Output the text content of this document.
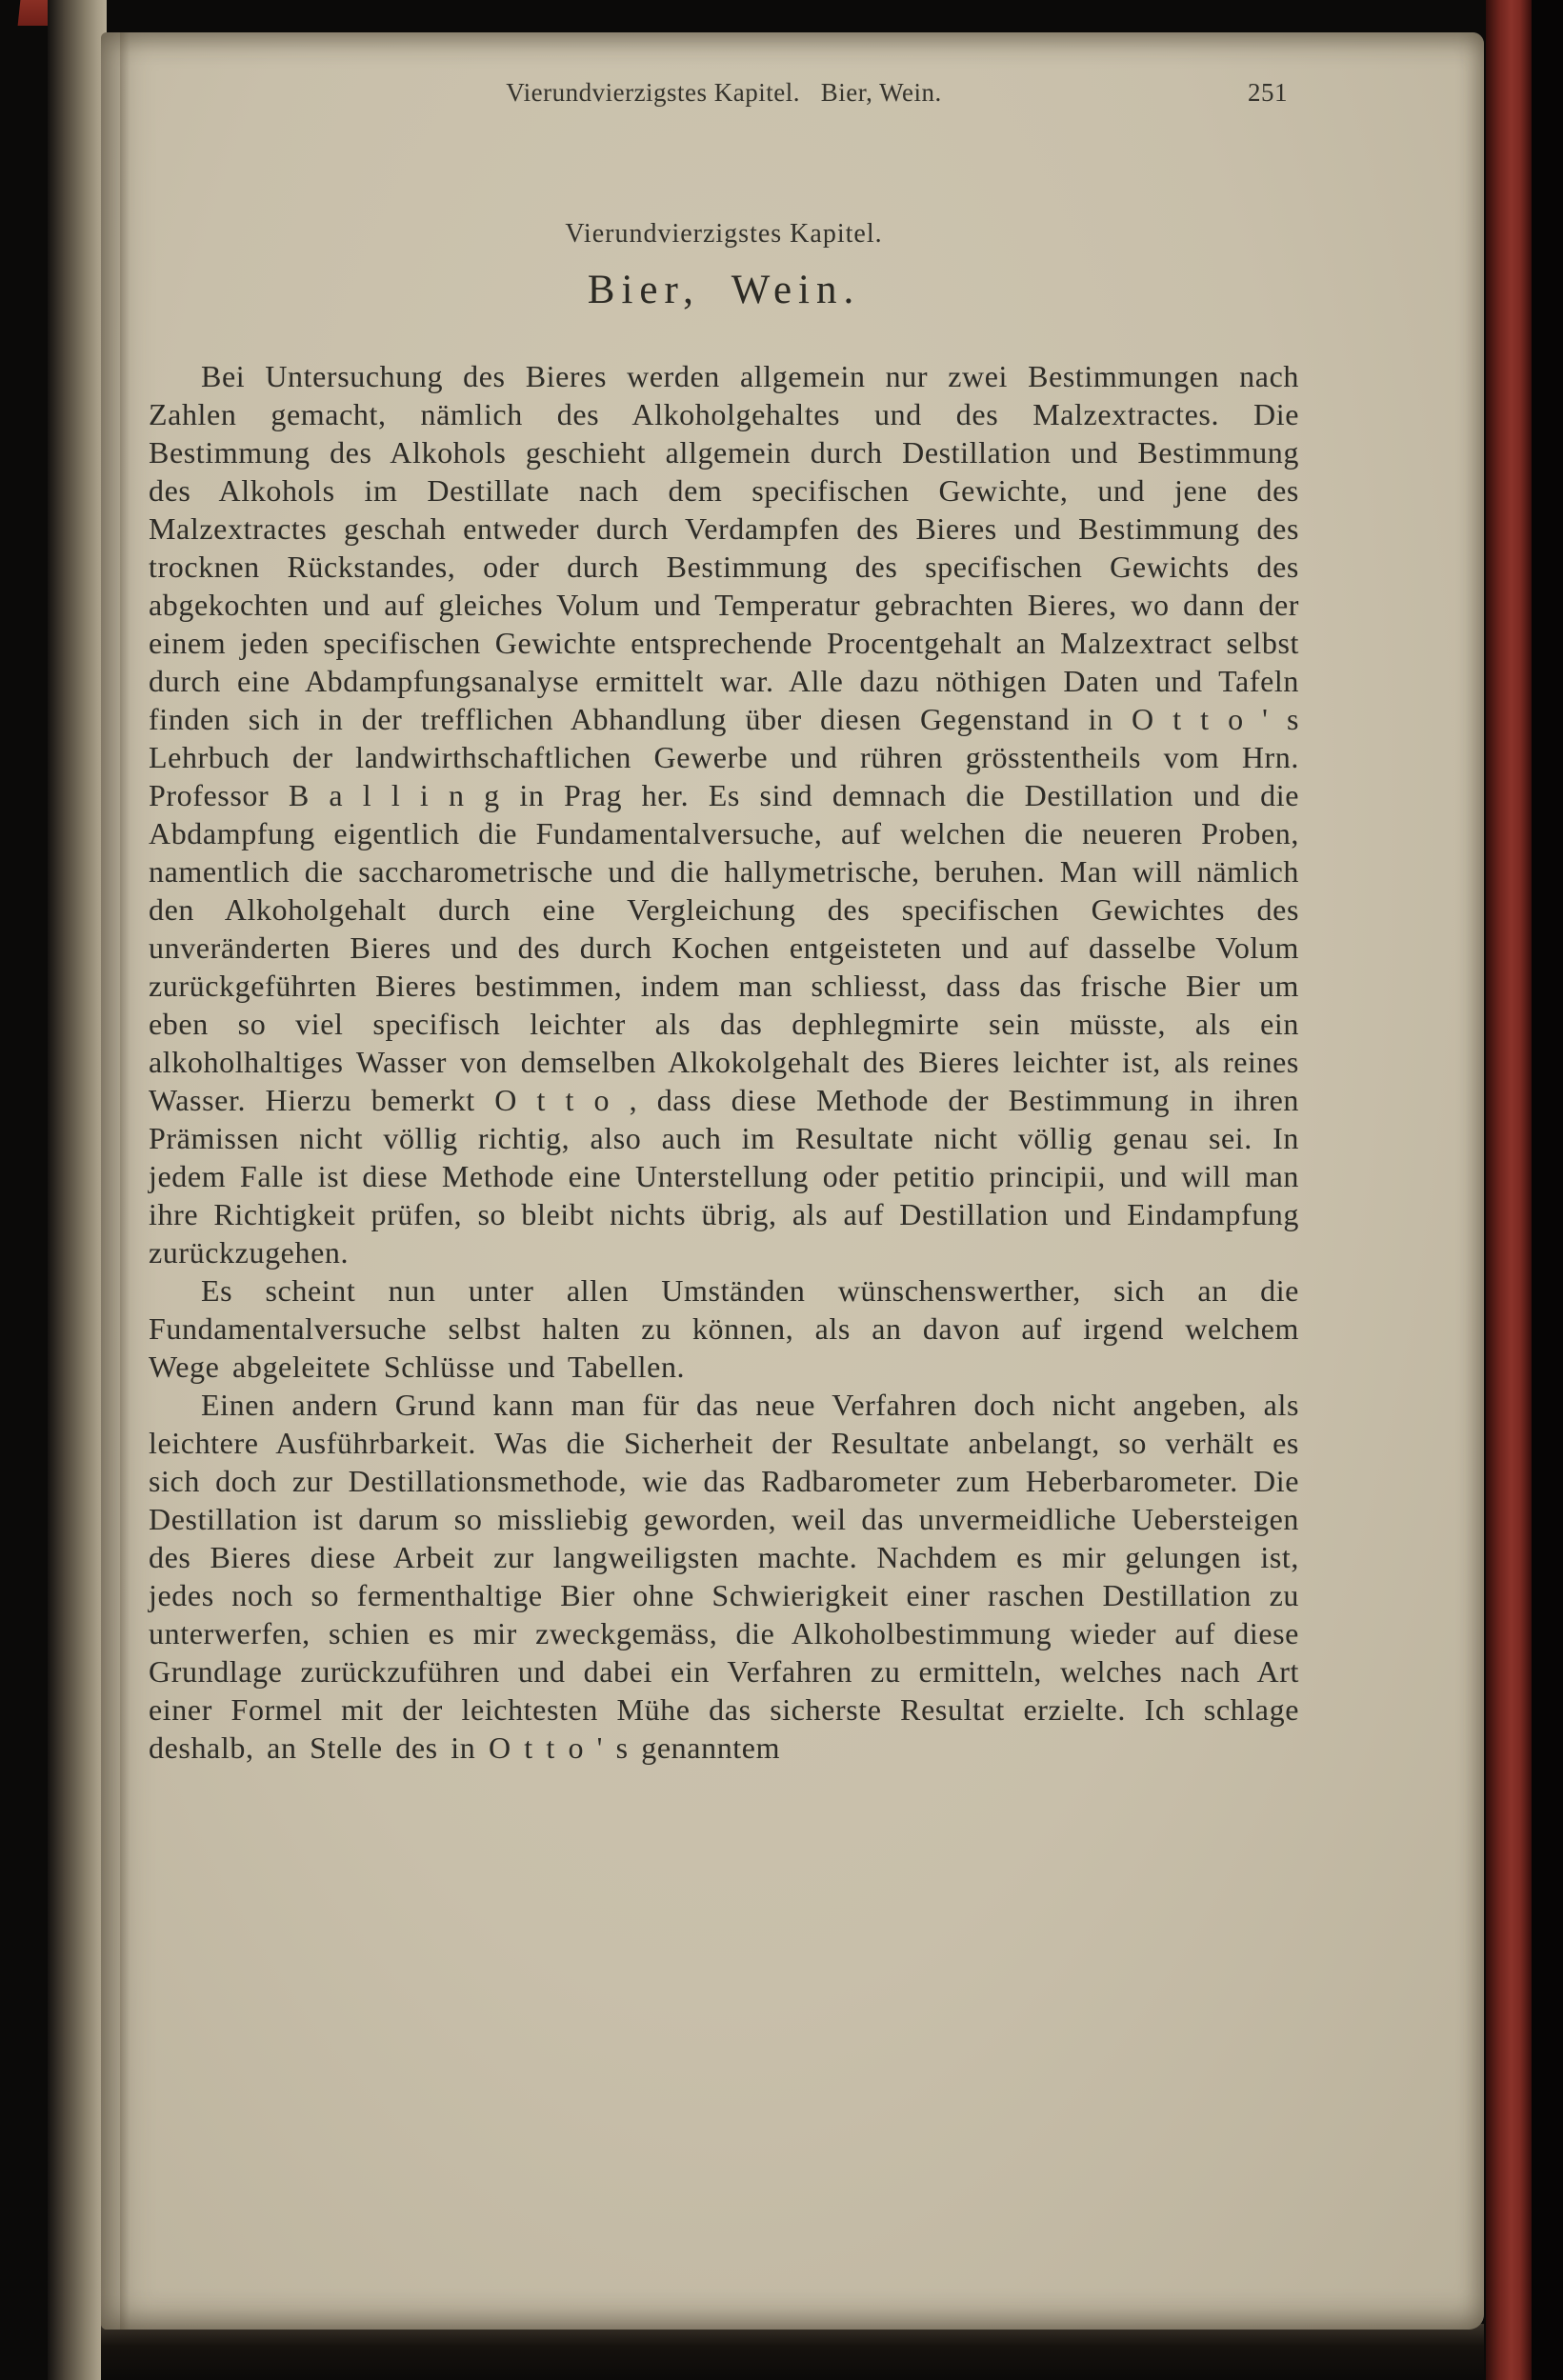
Vierundvierzigstes Kapitel.   Bier, Wein.	251
Vierundvierzigstes Kapitel.
Bier, Wein.

Bei Untersuchung des Bieres werden allgemein nur zwei Bestimmungen nach Zahlen gemacht, nämlich des Alkoholgehaltes und des Malzextractes. Die Bestimmung des Alkohols geschieht allgemein durch Destillation und Bestimmung des Alkohols im Destillate nach dem specifischen Gewichte, und jene des Malzextractes geschah entweder durch Verdampfen des Bieres und Bestimmung des trocknen Rückstandes, oder durch Bestimmung des specifischen Gewichts des abgekochten und auf gleiches Volum und Temperatur gebrachten Bieres, wo dann der einem jeden specifischen Gewichte entsprechende Procentgehalt an Malzextract selbst durch eine Abdampfungsanalyse ermittelt war. Alle dazu nöthigen Daten und Tafeln finden sich in der trefflichen Abhandlung über diesen Gegenstand in O t t o ' s Lehrbuch der landwirthschaftlichen Gewerbe und rühren grösstentheils vom Hrn. Professor B a l l i n g in Prag her. Es sind demnach die Destillation und die Abdampfung eigentlich die Fundamentalversuche, auf welchen die neueren Proben, namentlich die saccharometrische und die hallymetrische, beruhen. Man will nämlich den Alkoholgehalt durch eine Vergleichung des specifischen Gewichtes des unveränderten Bieres und des durch Kochen entgeisteten und auf dasselbe Volum zurückgeführten Bieres bestimmen, indem man schliesst, dass das frische Bier um eben so viel specifisch leichter als das dephlegmirte sein müsste, als ein alkoholhaltiges Wasser von demselben Alkokolgehalt des Bieres leichter ist, als reines Wasser. Hierzu bemerkt O t t o , dass diese Methode der Bestimmung in ihren Prämissen nicht völlig richtig, also auch im Resultate nicht völlig genau sei. In jedem Falle ist diese Methode eine Unterstellung oder petitio principii, und will man ihre Richtigkeit prüfen, so bleibt nichts übrig, als auf Destillation und Eindampfung zurückzugehen.

Es scheint nun unter allen Umständen wünschenswerther, sich an die Fundamentalversuche selbst halten zu können, als an davon auf irgend welchem Wege abgeleitete Schlüsse und Tabellen.

Einen andern Grund kann man für das neue Verfahren doch nicht angeben, als leichtere Ausführbarkeit. Was die Sicherheit der Resultate anbelangt, so verhält es sich doch zur Destillationsmethode, wie das Radbarometer zum Heberbarometer. Die Destillation ist darum so missliebig geworden, weil das unvermeidliche Uebersteigen des Bieres diese Arbeit zur langweiligsten machte. Nachdem es mir gelungen ist, jedes noch so fermenthaltige Bier ohne Schwierigkeit einer raschen Destillation zu unterwerfen, schien es mir zweckgemäss, die Alkoholbestimmung wieder auf diese Grundlage zurückzuführen und dabei ein Verfahren zu ermitteln, welches nach Art einer Formel mit der leichtesten Mühe das sicherste Resultat erzielte. Ich schlage deshalb, an Stelle des in O t t o ' s genanntem
